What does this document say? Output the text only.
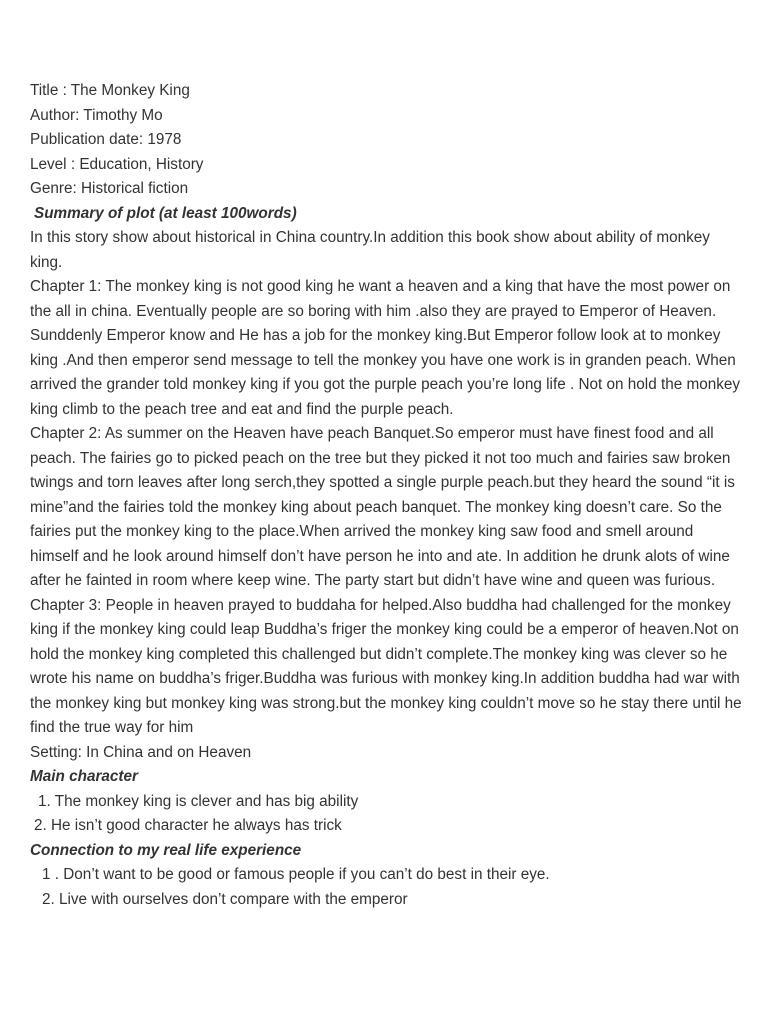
Title : The Monkey King
Author: Timothy Mo
Publication date: 1978
Level : Education, History
Genre: Historical fiction
Summary of plot (at least 100words)
In this story show about historical in China country.In addition this book show about ability of monkey king.
Chapter 1: The monkey king is not good king he want a heaven and a king that have the most power on the all in china. Eventually people are so boring with him .also they are prayed to Emperor of Heaven. Sunddenly Emperor know and He has a job for the monkey king.But Emperor follow look at to monkey king .And then emperor send message to tell the monkey you have one work is in granden peach. When arrived the grander told monkey king if you got the purple peach you’re long life . Not on hold the monkey king climb to the peach tree and eat and find the purple peach.
Chapter 2: As summer on the Heaven have peach Banquet.So emperor must have finest food and all peach. The fairies go to picked peach on the tree but they picked it not too much and fairies saw broken twings and torn leaves after long serch,they spotted a single purple peach.but they heard the sound “it is mine”and the fairies told the monkey king about peach banquet. The monkey king doesn’t care. So the fairies put the monkey king to the place.When arrived the monkey king saw food and smell around himself and he look around himself don’t have person he into and ate. In addition he drunk alots of wine after he fainted in room where keep wine. The party start but didn’t have wine and queen was furious.
Chapter 3: People in heaven prayed to buddaha for helped.Also buddha had challenged for the monkey king if the monkey king could leap Buddha’s friger the monkey king could be a emperor of heaven.Not on hold the monkey king completed this challenged but didn’t complete.The monkey king was clever so he wrote his name on buddha’s friger.Buddha was furious with monkey king.In addition buddha had war with the monkey king but monkey king was strong.but the monkey king couldn’t move so he stay there until he find the true way for him
Setting: In China and on Heaven
Main character
1. The monkey king is clever and has big ability
2. He isn’t good character he always has trick
Connection to my real life experience
1 . Don’t want to be good or famous people if you can’t do best in their eye.
2. Live with ourselves don’t compare with the emperor
